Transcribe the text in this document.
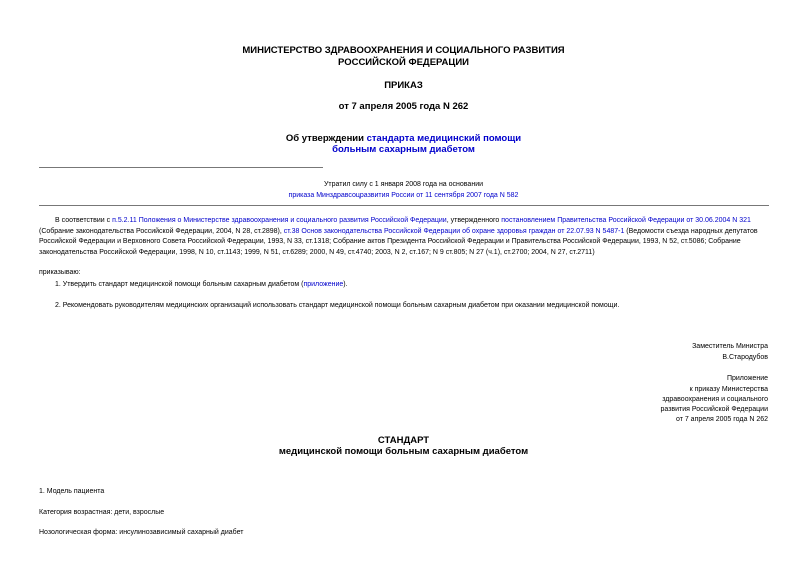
МИНИСТЕРСТВО ЗДРАВООХРАНЕНИЯ И СОЦИАЛЬНОГО РАЗВИТИЯ
РОССИЙСКОЙ ФЕДЕРАЦИИ
ПРИКАЗ
от 7 апреля 2005 года N 262
Об утверждении стандарта медицинский помощи
больным сахарным диабетом
Утратил силу с 1 января 2008 года на основании
приказа Минздравсоцразвития России от 11 сентября 2007 года N 582
В соответствии с п.5.2.11 Положения о Министерстве здравоохранения и социального развития Российской Федерации, утвержденного постановлением Правительства Российской Федерации от 30.06.2004 N 321 (Собрание законодательства Российской Федерации, 2004, N 28, ст.2898), ст.38 Основ законодательства Российской Федерации об охране здоровья граждан от 22.07.93 N 5487-1 (Ведомости съезда народных депутатов Российской Федерации и Верховного Совета Российской Федерации, 1993, N 33, ст.1318; Собрание актов Президента Российской Федерации и Правительства Российской Федерации, 1993, N 52, ст.5086; Собрание законодательства Российской Федерации, 1998, N 10, ст.1143; 1999, N 51, ст.6289; 2000, N 49, ст.4740; 2003, N 2, ст.167; N 9 ст.805; N 27 (ч.1), ст.2700; 2004, N 27, ст.2711)
приказываю:
1. Утвердить стандарт медицинской помощи больным сахарным диабетом (приложение).
2. Рекомендовать руководителям медицинских организаций использовать стандарт медицинской помощи больным сахарным диабетом при оказании медицинской помощи.
Заместитель Министра
В.Стародубов
Приложение
к приказу Министерства
здравоохранения и социального
развития Российской Федерации
от 7 апреля 2005 года N 262
СТАНДАРТ
медицинской помощи больным сахарным диабетом
1. Модель пациента
Категория возрастная: дети, взрослые
Нозологическая форма: инсулинозависимый сахарный диабет
